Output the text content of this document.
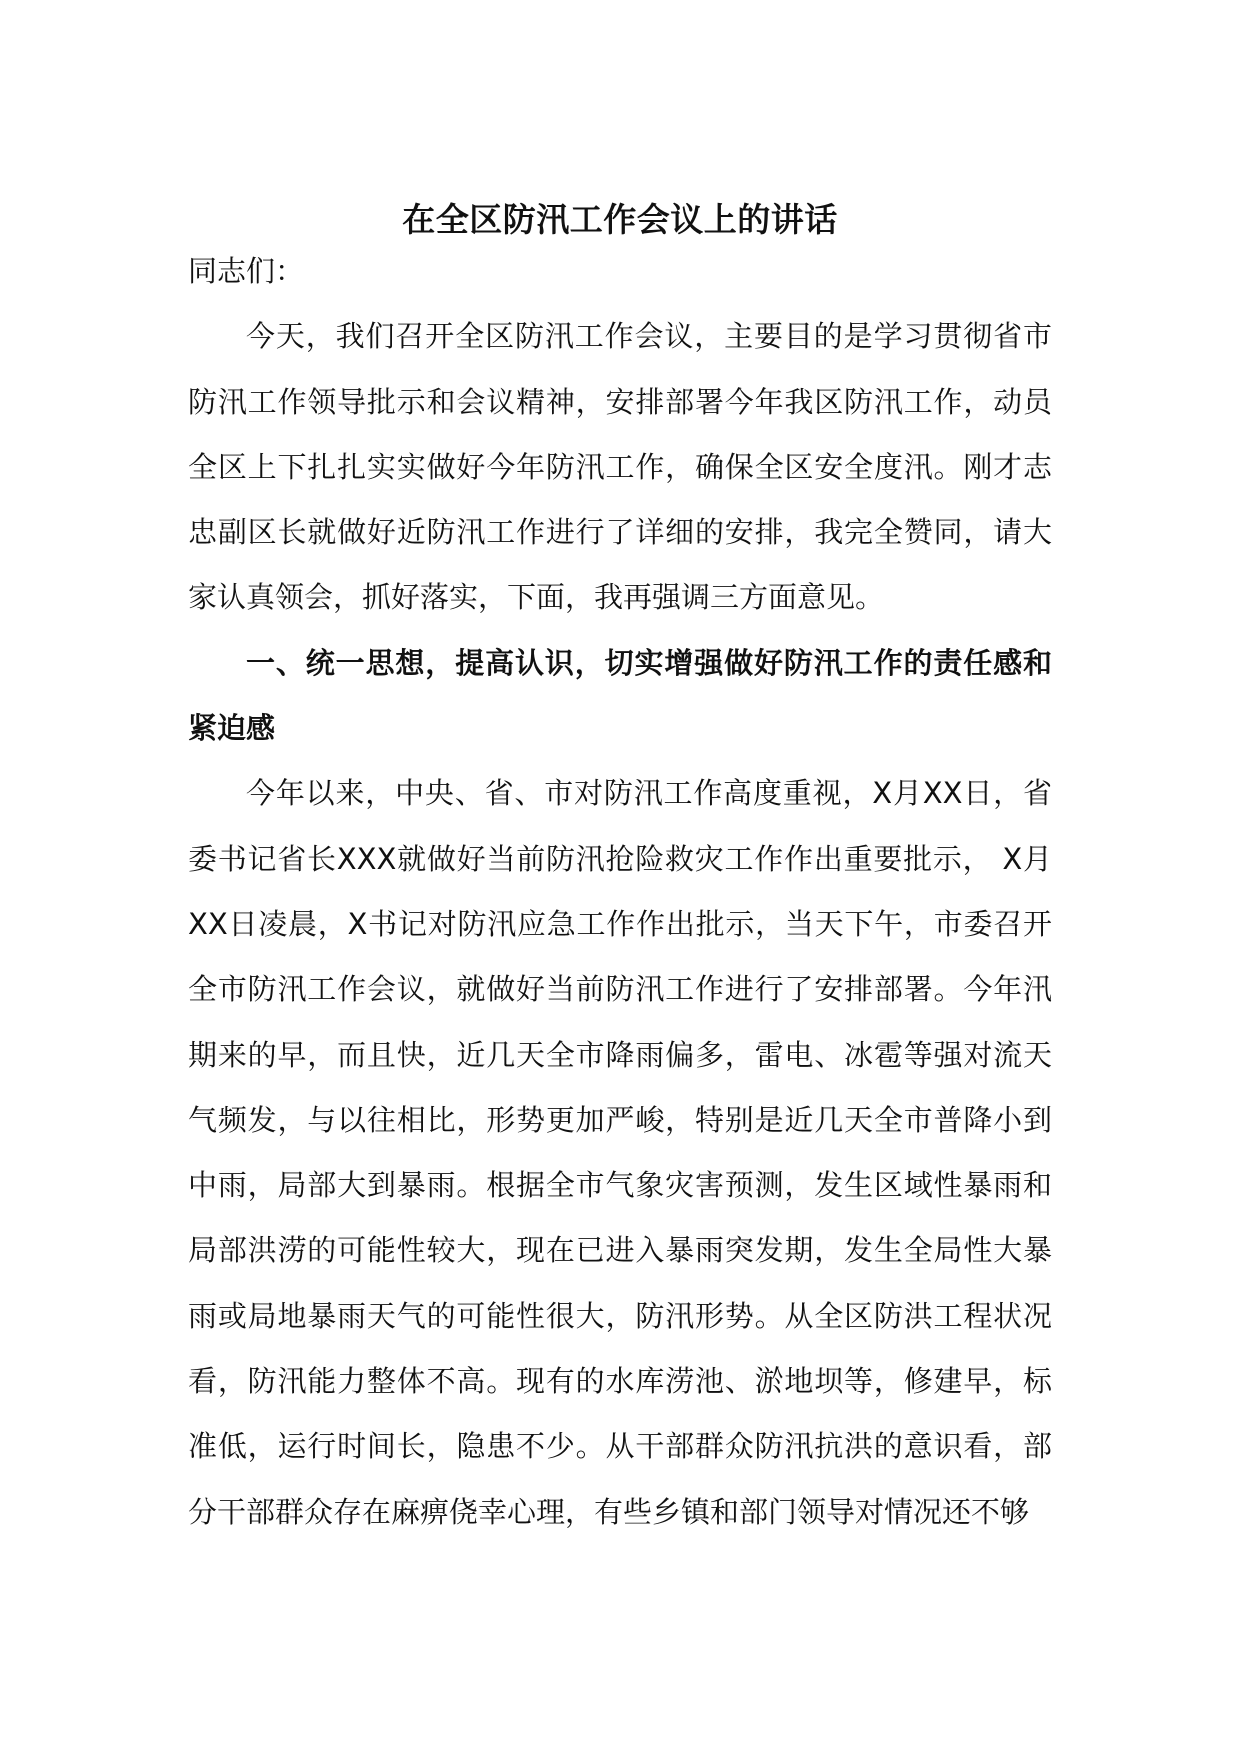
在全区防汛工作会议上的讲话

同志们：

今天，我们召开全区防汛工作会议，主要目的是学习贯彻省市防汛工作领导批示和会议精神，安排部署今年我区防汛工作，动员全区上下扎扎实实做好今年防汛工作，确保全区安全度汛。刚才志忠副区长就做好近防汛工作进行了详细的安排，我完全赞同，请大家认真领会，抓好落实，下面，我再强调三方面意见。

一、统一思想，提高认识，切实增强做好防汛工作的责任感和紧迫感

今年以来，中央、省、市对防汛工作高度重视，X月XX日，省委书记省长XXX就做好当前防汛抢险救灾工作作出重要批示， X月XX日凌晨，X书记对防汛应急工作作出批示，当天下午，市委召开全市防汛工作会议，就做好当前防汛工作进行了安排部署。今年汛期来的早，而且快，近几天全市降雨偏多，雷电、冰雹等强对流天气频发，与以往相比，形势更加严峻，特别是近几天全市普降小到中雨，局部大到暴雨。根据全市气象灾害预测，发生区域性暴雨和局部洪涝的可能性较大，现在已进入暴雨突发期，发生全局性大暴雨或局地暴雨天气的可能性很大，防汛形势。从全区防洪工程状况看，防汛能力整体不高。现有的水库涝池、淤地坝等，修建早，标准低，运行时间长，隐患不少。从干部群众防汛抗洪的意识看，部分干部群众存在麻痹侥幸心理，有些乡镇和部门领导对情况还不够
